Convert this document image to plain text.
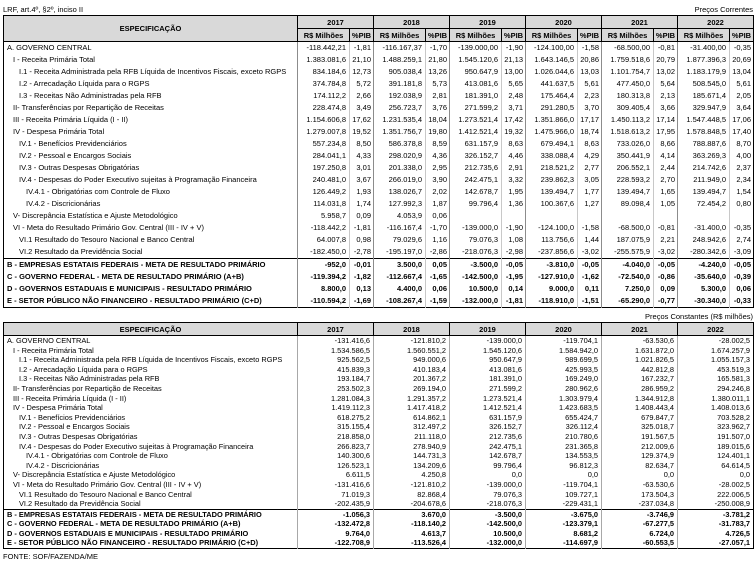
LRF, art.4º, §2º, inciso II	Preços Correntes
ESPECIFICAÇÃO	2017		2018		2019		2020		2021		2022	
	R$ Milhões	%PIB	R$ Milhões	%PIB	R$ Milhões	%PIB	R$ Milhões	%PIB	R$ Milhões	%PIB	R$ Milhões	%PIB
A. GOVERNO CENTRAL	-118.442,21	-1,81	-116.167,37	-1,70	-139.000,00	-1,90	-124.100,00	-1,58	-68.500,00	-0,81	-31.400,00	-0,35
I - Receita Primária Total	1.383.081,6	21,10	1.488.259,1	21,80	1.545.120,6	21,13	1.643.146,5	20,86	1.759.518,6	20,79	1.877.396,3	20,69
I.1 - Receita Administrada pela RFB Líquida de Incentivos Fiscais, exceto RGPS	834.184,6	12,73	905.038,4	13,26	950.647,9	13,00	1.026.044,6	13,03	1.101.754,7	13,02	1.183.179,9	13,04
I.2 - Arrecadação Líquida para o RGPS	374.784,8	5,72	391.181,8	5,73	413.081,6	5,65	441.637,5	5,61	477.450,0	5,64	508.545,0	5,61
I.3 - Receitas Não Administradas pela RFB	174.112,2	2,66	192.038,9	2,81	181.391,0	2,48	175.464,4	2,23	180.313,8	2,13	185.671,4	2,05
II- Transferências por Repartição de Receitas	228.474,8	3,49	256.723,7	3,76	271.599,2	3,71	291.280,5	3,70	309.405,4	3,66	329.947,9	3,64
III - Receita Primária Líquida (I - II)	1.154.606,8	17,62	1.231.535,4	18,04	1.273.521,4	17,42	1.351.866,0	17,17	1.450.113,2	17,14	1.547.448,5	17,06
IV - Despesa Primária Total	1.279.007,8	19,52	1.351.756,7	19,80	1.412.521,4	19,32	1.475.966,0	18,74	1.518.613,2	17,95	1.578.848,5	17,40
IV.1 - Benefícios Previdenciários	557.234,8	8,50	586.378,8	8,59	631.157,9	8,63	679.494,1	8,63	733.026,0	8,66	788.887,6	8,70
IV.2 - Pessoal e Encargos Sociais	284.041,1	4,33	298.020,9	4,36	326.152,7	4,46	338.088,4	4,29	350.441,9	4,14	363.269,3	4,00
IV.3 - Outras Despesas Obrigatórias	197.250,8	3,01	201.338,0	2,95	212.735,6	2,91	218.521,2	2,77	206.552,1	2,44	214.742,6	2,37
IV.4 - Despesas do Poder Executivo sujeitas à Programação Financeira	240.481,0	3,67	266.019,0	3,90	242.475,1	3,32	239.862,3	3,05	228.593,2	2,70	211.949,0	2,34
IV.4.1 - Obrigatórias com Controle de Fluxo	126.449,2	1,93	138.026,7	2,02	142.678,7	1,95	139.494,7	1,77	139.494,7	1,65	139.494,7	1,54
IV.4.2 - Discricionárias	114.031,8	1,74	127.992,3	1,87	99.796,4	1,36	100.367,6	1,27	89.098,4	1,05	72.454,2	0,80
V- Discrepância Estatística e Ajuste Metodológico	5.958,7	0,09	4.053,9	0,06								
VI - Meta do Resultado Primário Gov. Central (III - IV + V)	-118.442,2	-1,81	-116.167,4	-1,70	-139.000,0	-1,90	-124.100,0	-1,58	-68.500,0	-0,81	-31.400,0	-0,35
VI.1 Resultado do Tesouro Nacional e Banco Central	64.007,8	0,98	79.029,6	1,16	79.076,3	1,08	113.756,6	1,44	187.075,9	2,21	248.942,6	2,74
VI.2 Resultado da Previdência Social	-182.450,0	-2,78	-195.197,0	-2,86	-218.076,3	-2,98	-237.856,6	-3,02	-255.575,9	-3,02	-280.342,6	-3,09
B - EMPRESAS ESTATAIS FEDERAIS - META DE RESULTADO PRIMÁRIO	-952,0	-0,01	3.500,0	0,05	-3.500,0	-0,05	-3.810,0	-0,05	-4.040,0	-0,05	-4.240,0	-0,05
C - GOVERNO FEDERAL - META DE RESULTADO PRIMÁRIO (A+B)	-119.394,2	-1,82	-112.667,4	-1,65	-142.500,0	-1,95	-127.910,0	-1,62	-72.540,0	-0,86	-35.640,0	-0,39
D - GOVERNOS ESTADUAIS E MUNICIPAIS - RESULTADO PRIMÁRIO	8.800,0	0,13	4.400,0	0,06	10.500,0	0,14	9.000,0	0,11	7.250,0	0,09	5.300,0	0,06
E - SETOR PÚBLICO NÃO FINANCEIRO - RESULTADO PRIMÁRIO (C+D)	-110.594,2	-1,69	-108.267,4	-1,59	-132.000,0	-1,81	-118.910,0	-1,51	-65.290,0	-0,77	-30.340,0	-0,33
Preços Constantes (R$ milhões)
ESPECIFICAÇÃO	2017	2018	2019	2020	2021	2022
A. GOVERNO CENTRAL	-131.416,6	-121.810,2	-139.000,0	-119.704,1	-63.530,6	-28.002,5
I - Receita Primária Total	1.534.586,5	1.560.551,2	1.545.120,6	1.584.942,0	1.631.872,0	1.674.257,9
I.1 - Receita Administrada pela RFB Líquida de Incentivos Fiscais, exceto RGPS	925.562,5	949.000,6	950.647,9	989.699,5	1.021.826,5	1.055.157,3
I.2 - Arrecadação Líquida para o RGPS	415.839,3	410.183,4	413.081,6	425.993,5	442.812,8	453.519,3
I.3 - Receitas Não Administradas pela RFB	193.184,7	201.367,2	181.391,0	169.249,0	167.232,7	165.581,3
II- Transferências por Repartição de Receitas	253.502,3	269.194,0	271.599,2	280.962,6	286.959,2	294.246,8
III - Receita Primária Líquida (I - II)	1.281.084,3	1.291.357,2	1.273.521,4	1.303.979,4	1.344.912,8	1.380.011,1
IV - Despesa Primária Total	1.419.112,3	1.417.418,2	1.412.521,4	1.423.683,5	1.408.443,4	1.408.013,6
IV.1 - Benefícios Previdenciários	618.275,2	614.862,1	631.157,9	655.424,7	679.847,7	703.528,2
IV.2 - Pessoal e Encargos Sociais	315.155,4	312.497,2	326.152,7	326.112,4	325.018,7	323.962,7
IV.3 - Outras Despesas Obrigatórias	218.858,0	211.118,0	212.735,6	210.780,6	191.567,5	191.507,0
IV.4 - Despesas do Poder Executivo sujeitas à Programação Financeira	266.823,7	278.940,9	242.475,1	231.365,8	212.009,6	189.015,6
IV.4.1 - Obrigatórias com Controle de Fluxo	140.300,6	144.731,3	142.678,7	134.553,5	129.374,9	124.401,1
IV.4.2 - Discricionárias	126.523,1	134.209,6	99.796,4	96.812,3	82.634,7	64.614,5
V- Discrepância Estatística e Ajuste Metodológico	6.611,5	4.250,8	0,0	0,0	0,0	0,0
VI - Meta do Resultado Primário Gov. Central (III - IV + V)	-131.416,6	-121.810,2	-139.000,0	-119.704,1	-63.530,6	-28.002,5
VI.1 Resultado do Tesouro Nacional e Banco Central	71.019,3	82.868,4	79.076,3	109.727,1	173.504,3	222.006,5
VI.2 Resultado da Previdência Social	-202.435,9	-204.678,6	-218.076,3	-229.431,1	-237.034,8	-250.008,9
B - EMPRESAS ESTATAIS FEDERAIS - META DE RESULTADO PRIMÁRIO	-1.056,3	3.670,0	-3.500,0	-3.675,0	-3.746,9	-3.781,2
C - GOVERNO FEDERAL - META DE RESULTADO PRIMÁRIO (A+B)	-132.472,8	-118.140,2	-142.500,0	-123.379,1	-67.277,5	-31.783,7
D - GOVERNOS ESTADUAIS E MUNICIPAIS - RESULTADO PRIMÁRIO	9.764,0	4.613,7	10.500,0	8.681,2	6.724,0	4.726,5
E - SETOR PÚBLICO NÃO FINANCEIRO - RESULTADO PRIMÁRIO (C+D)	-122.708,9	-113.526,4	-132.000,0	-114.697,9	-60.553,5	-27.057,1
FONTE: SOF/FAZENDA/ME
